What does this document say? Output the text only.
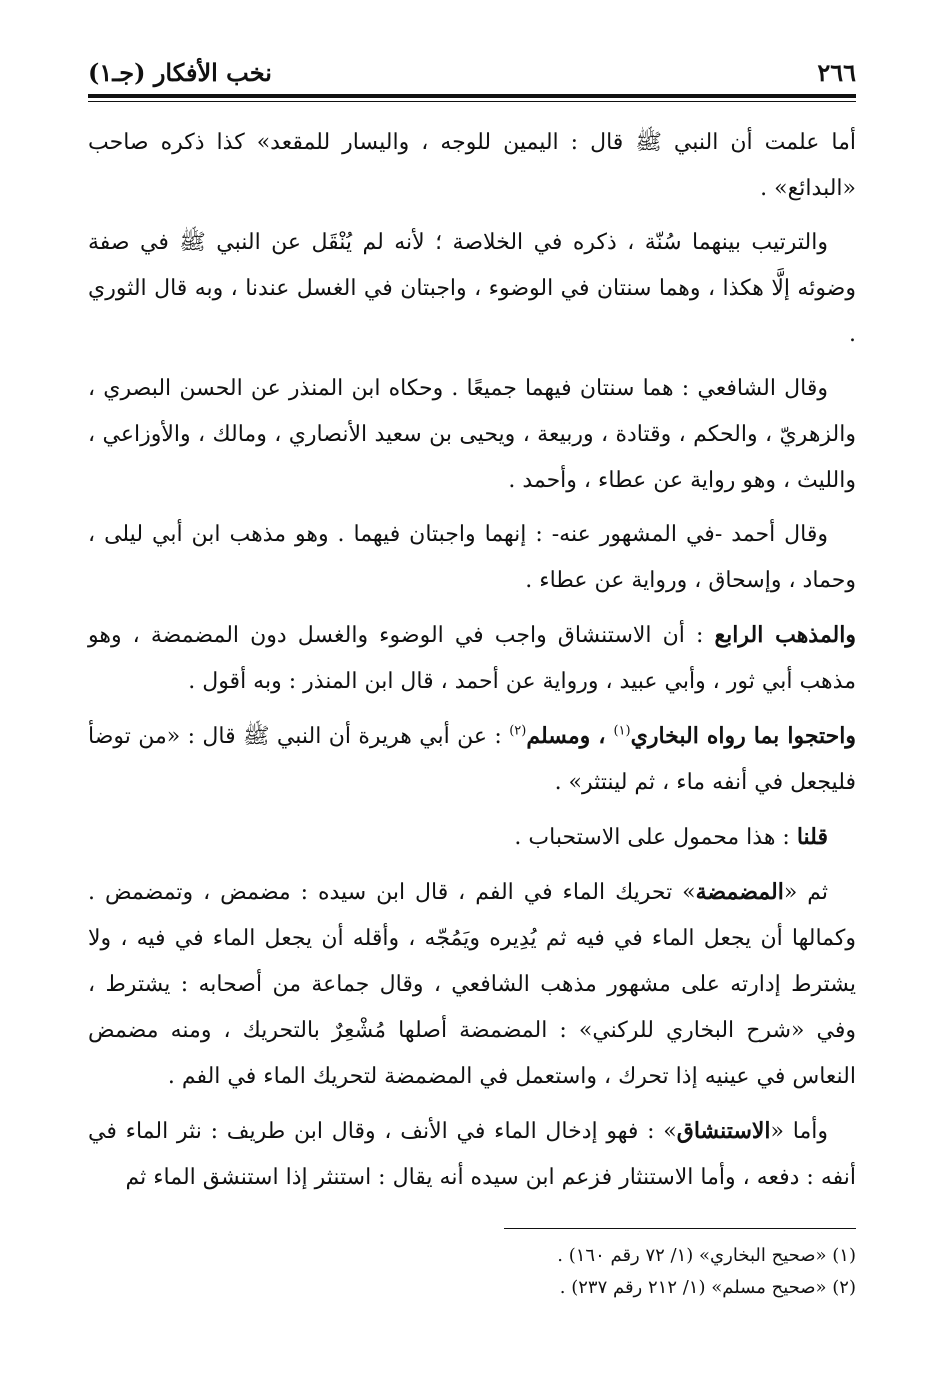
٢٦٦
نخب الأفكار (جـ١)

أما علمت أن النبي ﷺ قال : اليمين للوجه ، واليسار للمقعد» كذا ذكره صاحب «البدائع» .

والترتيب بينهما سُنّة ، ذكره في الخلاصة ؛ لأنه لم يُنْقَل عن النبي ﷺ في صفة وضوئه إلَّا هكذا ، وهما سنتان في الوضوء ، واجبتان في الغسل عندنا ، وبه قال الثوري .

وقال الشافعي : هما سنتان فيهما جميعًا . وحكاه ابن المنذر عن الحسن البصري ، والزهريّ ، والحكم ، وقتادة ، وربيعة ، ويحيى بن سعيد الأنصاري ، ومالك ، والأوزاعي ، والليث ، وهو رواية عن عطاء ، وأحمد .

وقال أحمد -في المشهور عنه- : إنهما واجبتان فيهما . وهو مذهب ابن أبي ليلى ، وحماد ، وإسحاق ، ورواية عن عطاء .

والمذهب الرابع : أن الاستنشاق واجب في الوضوء والغسل دون المضمضة ، وهو مذهب أبي ثور ، وأبي عبيد ، ورواية عن أحمد ، قال ابن المنذر : وبه أقول .

واحتجوا بما رواه البخاري$^{(١)}$ ، ومسلم$^{(٢)}$ : عن أبي هريرة أن النبي ﷺ قال : «من توضأ فليجعل في أنفه ماء ، ثم لينتثر» .

قلنا : هذا محمول على الاستحباب .

ثم «المضمضة» تحريك الماء في الفم ، قال ابن سيده : مضمض ، وتمضمض . وكمالها أن يجعل الماء في فيه ثم يُدِيره ويَمُجّه ، وأقله أن يجعل الماء في فيه ، ولا يشترط إدارته على مشهور مذهب الشافعي ، وقال جماعة من أصحابه : يشترط ، وفي «شرح البخاري للركني» : المضمضة أصلها مُشْعِرٌ بالتحريك ، ومنه مضمض النعاس في عينيه إذا تحرك ، واستعمل في المضمضة لتحريك الماء في الفم .

وأما «الاستنشاق» : فهو إدخال الماء في الأنف ، وقال ابن طريف : نثر الماء في أنفه : دفعه ، وأما الاستنثار فزعم ابن سيده أنه يقال : استنثر إذا استنشق الماء ثم

(١) «صحيح البخاري» (١/ ٧٢ رقم ١٦٠) .

(٢) «صحيح مسلم» (١/ ٢١٢ رقم ٢٣٧) .
